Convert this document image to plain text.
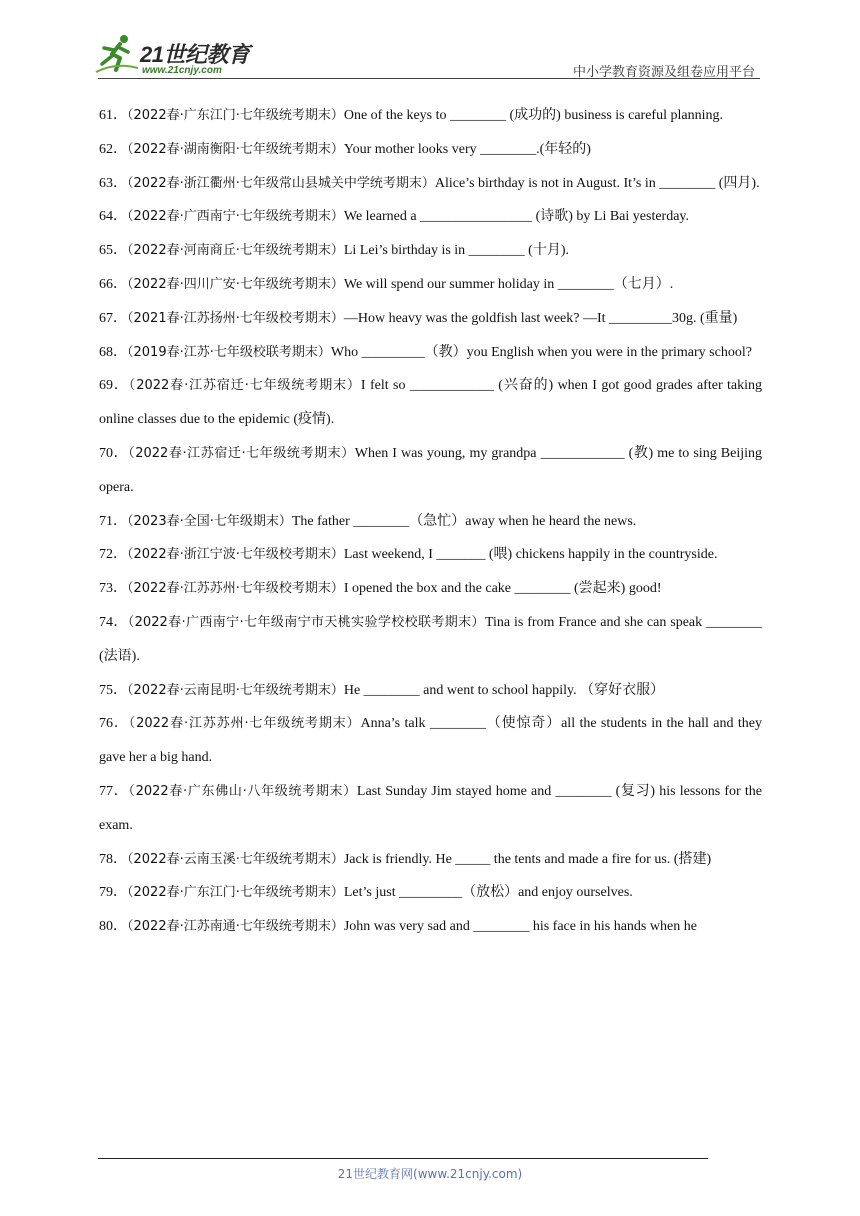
21世纪教育
www.21cnjy.com	中小学教育资源及组卷应用平台

61．（2022春·广东江门·七年级统考期末）One of the keys to ________ (成功的) business is careful planning.

62．（2022春·湖南衡阳·七年级统考期末）Your mother looks very ________.(年轻的)

63．（2022春·浙江衢州·七年级常山县城关中学统考期末）Alice’s birthday is not in August. It’s in ________ (四月).

64．（2022春·广西南宁·七年级统考期末）We learned a ________________ (诗歌) by Li Bai yesterday.

65．（2022春·河南商丘·七年级统考期末）Li Lei’s birthday is in ________ (十月).

66．（2022春·四川广安·七年级统考期末）We will spend our summer holiday in ________（七月）.

67．（2021春·江苏扬州·七年级校考期末）—How heavy was the goldfish last week? —It _________30g. (重量)

68．（2019春·江苏·七年级校联考期末）Who _________（教）you English when you were in the primary school?

69．（2022春·江苏宿迁·七年级统考期末）I felt so ____________ (兴奋的) when I got good grades after taking online classes due to the epidemic (疫情).

70．（2022春·江苏宿迁·七年级统考期末）When I was young, my grandpa ____________ (教) me to sing Beijing opera.

71．（2023春·全国·七年级期末）The father ________（急忙）away when he heard the news.

72．（2022春·浙江宁波·七年级校考期末）Last weekend, I _______ (喂) chickens happily in the countryside.

73．（2022春·江苏苏州·七年级校考期末）I opened the box and the cake ________ (尝起来) good!

74．（2022春·广西南宁·七年级南宁市天桃实验学校校联考期末）Tina is from France and she can speak ________ (法语).

75．（2022春·云南昆明·七年级统考期末）He ________ and went to school happily. （穿好衣服）

76．（2022春·江苏苏州·七年级统考期末）Anna’s talk ________（使惊奇）all the students in the hall and they gave her a big hand.

77．（2022春·广东佛山·八年级统考期末）Last Sunday Jim stayed home and ________ (复习) his lessons for the exam.

78．（2022春·云南玉溪·七年级统考期末）Jack is friendly. He _____ the tents and made a fire for us. (搭建)

79．（2022春·广东江门·七年级统考期末）Let’s just _________（放松）and enjoy ourselves.

80．（2022春·江苏南通·七年级统考期末）John was very sad and ________ his face in his hands when he

21世纪教育网(www.21cnjy.com)
